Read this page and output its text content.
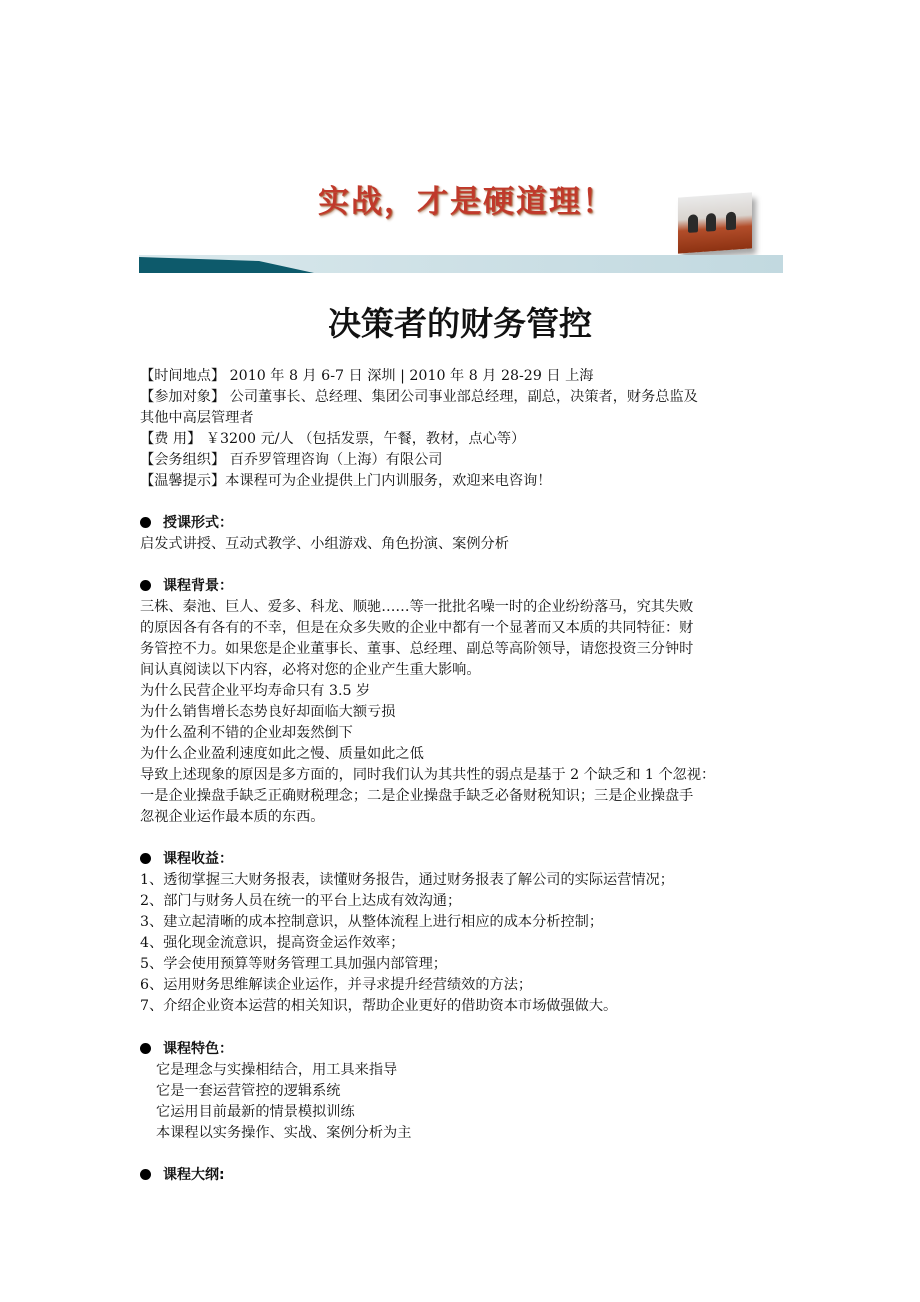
实战，才是硬道理！
决策者的财务管控
【时间地点】 2010 年 8 月 6-7 日 深圳 | 2010 年 8 月 28-29 日 上海
【参加对象】 公司董事长、总经理、集团公司事业部总经理，副总，决策者，财务总监及
其他中高层管理者
【费 用】 ￥3200 元/人 （包括发票，午餐，教材，点心等）
【会务组织】 百乔罗管理咨询（上海）有限公司
【温馨提示】本课程可为企业提供上门内训服务，欢迎来电咨询！
授课形式：
启发式讲授、互动式教学、小组游戏、角色扮演、案例分析
课程背景：
三株、秦池、巨人、爱多、科龙、顺驰……等一批批名噪一时的企业纷纷落马，究其失败
的原因各有各有的不幸，但是在众多失败的企业中都有一个显著而又本质的共同特征：财
务管控不力。如果您是企业董事长、董事、总经理、副总等高阶领导，请您投资三分钟时
间认真阅读以下内容，必将对您的企业产生重大影响。
为什么民营企业平均寿命只有 3.5 岁
为什么销售增长态势良好却面临大额亏损
为什么盈利不错的企业却轰然倒下
为什么企业盈利速度如此之慢、质量如此之低
导致上述现象的原因是多方面的，同时我们认为其共性的弱点是基于 2 个缺乏和 1 个忽视：
一是企业操盘手缺乏正确财税理念；二是企业操盘手缺乏必备财税知识；三是企业操盘手
忽视企业运作最本质的东西。
课程收益：
1、透彻掌握三大财务报表，读懂财务报告，通过财务报表了解公司的实际运营情况；
2、部门与财务人员在统一的平台上达成有效沟通；
3、建立起清晰的成本控制意识，从整体流程上进行相应的成本分析控制；
4、强化现金流意识，提高资金运作效率；
5、学会使用预算等财务管理工具加强内部管理；
6、运用财务思维解读企业运作，并寻求提升经营绩效的方法；
7、介绍企业资本运营的相关知识，帮助企业更好的借助资本市场做强做大。
课程特色：
它是理念与实操相结合，用工具来指导
它是一套运营管控的逻辑系统
它运用目前最新的情景模拟训练
本课程以实务操作、实战、案例分析为主
课程大纲:
